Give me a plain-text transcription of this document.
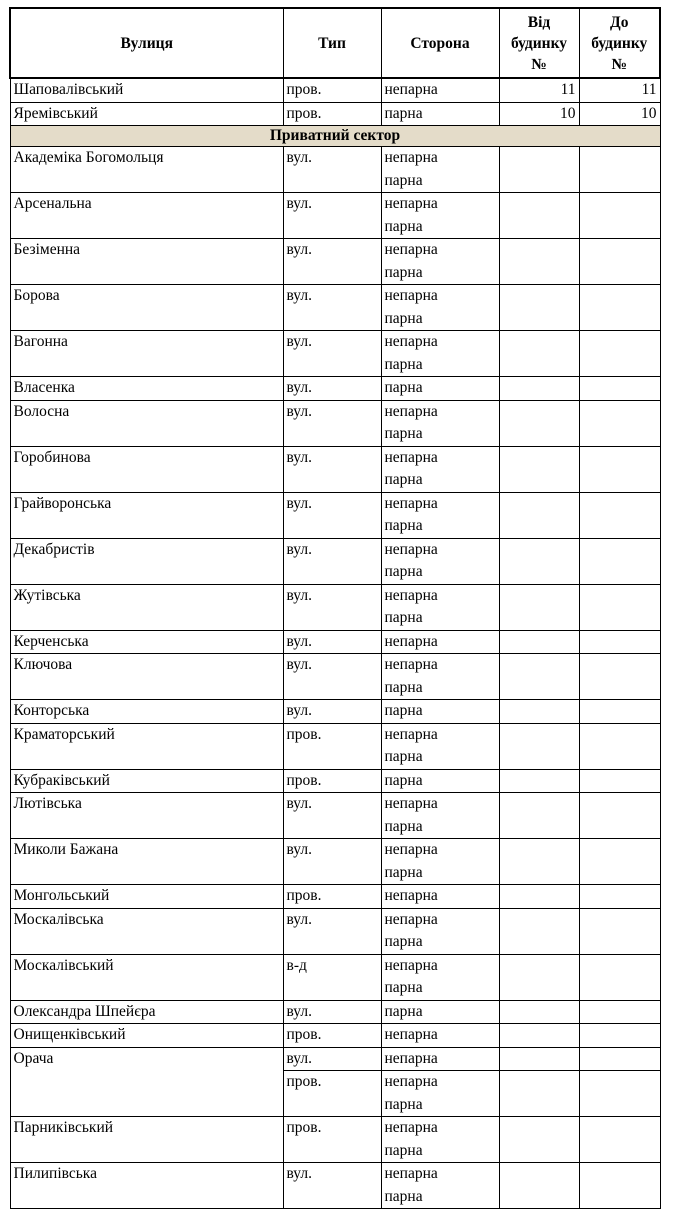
Вулиця	Тип	Сторона	Від будинку №	До будинку №
Шаповалівський	пров.	непарна	11	11
Яремівський	пров.	парна	10	10
Приватний сектор				
Академіка Богомольця	вул.	непарна
парна		

Арсенальна	вул.	непарна
парна		

Безіменна	вул.	непарна
парна		

Борова	вул.	непарна
парна		

Вагонна	вул.	непарна
парна		

Власенка	вул.	парна		

Волосна	вул.	непарна
парна		

Горобинова	вул.	непарна
парна		

Грайворонська	вул.	непарна
парна		

Декабристів	вул.	непарна
парна		

Жутівська	вул.	непарна
парна		

Керченська	вул.	непарна		

Ключова	вул.	непарна
парна		

Конторська	вул.	парна		

Краматорський	пров.	непарна
парна		

Кубраківський	пров.	парна		

Лютівська	вул.	непарна
парна		

Миколи Бажана	вул.	непарна
парна		

Монгольський	пров.	непарна		

Москалівська	вул.	непарна
парна		

Москалівський	в-д	непарна
парна		

Олександра Шпейєра	вул.	парна		

Онищенківський	пров.	непарна		

Орача	вул.	непарна		
	пров.	непарна
парна		

Парниківський	пров.	непарна
парна		

Пилипівська	вул.	непарна
парна		
